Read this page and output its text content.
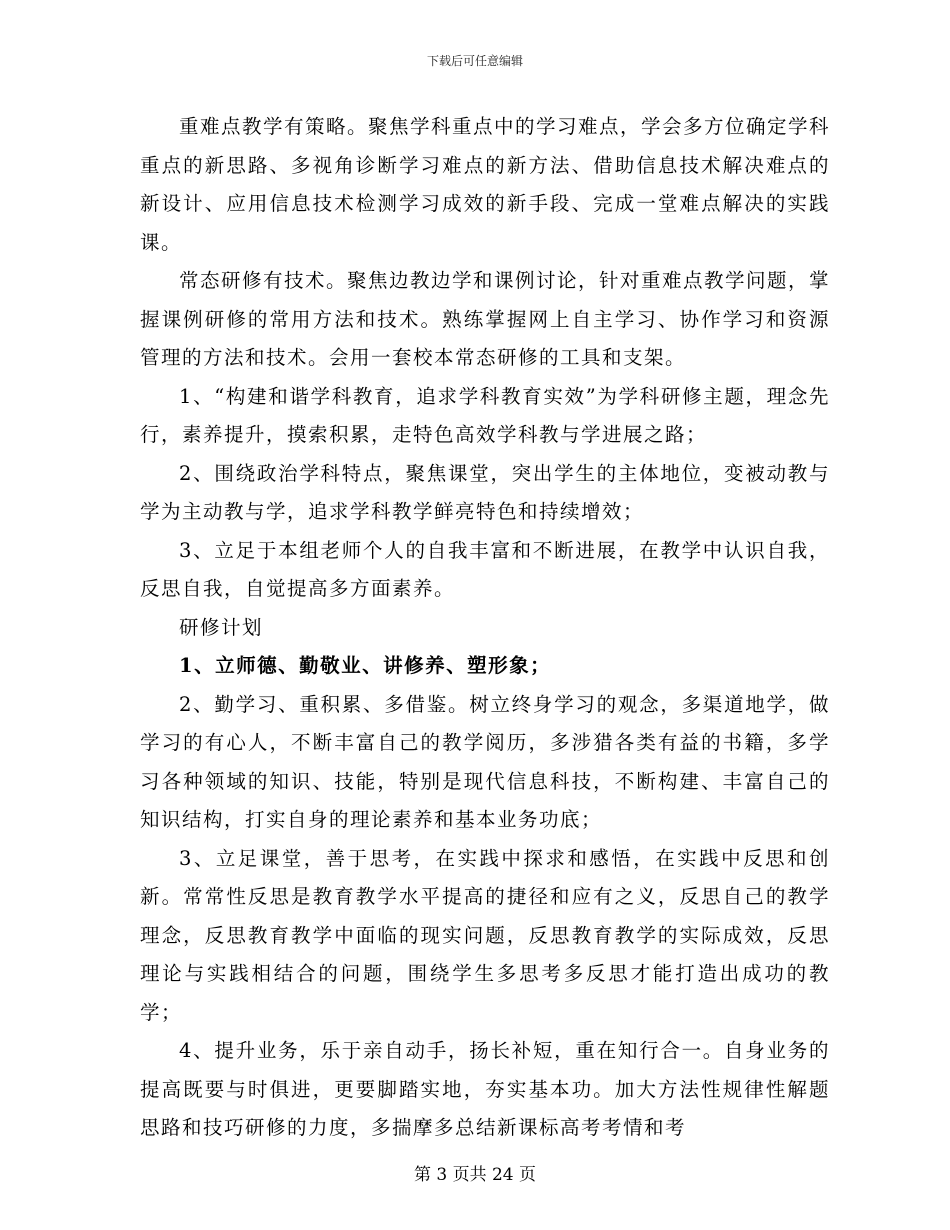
下载后可任意编辑

重难点教学有策略。聚焦学科重点中的学习难点，学会多方位确定学科重点的新思路、多视角诊断学习难点的新方法、借助信息技术解决难点的新设计、应用信息技术检测学习成效的新手段、完成一堂难点解决的实践课。

常态研修有技术。聚焦边教边学和课例讨论，针对重难点教学问题，掌握课例研修的常用方法和技术。熟练掌握网上自主学习、协作学习和资源管理的方法和技术。会用一套校本常态研修的工具和支架。

1、“构建和谐学科教育，追求学科教育实效”为学科研修主题，理念先行，素养提升，摸索积累，走特色高效学科教与学进展之路；

2、围绕政治学科特点，聚焦课堂，突出学生的主体地位，变被动教与学为主动教与学，追求学科教学鲜亮特色和持续增效；

3、立足于本组老师个人的自我丰富和不断进展，在教学中认识自我，反思自我，自觉提高多方面素养。

研修计划

1、立师德、勤敬业、讲修养、塑形象；

2、勤学习、重积累、多借鉴。树立终身学习的观念，多渠道地学，做学习的有心人，不断丰富自己的教学阅历，多涉猎各类有益的书籍，多学习各种领域的知识、技能，特别是现代信息科技，不断构建、丰富自己的知识结构，打实自身的理论素养和基本业务功底；

3、立足课堂，善于思考，在实践中探求和感悟，在实践中反思和创新。常常性反思是教育教学水平提高的捷径和应有之义，反思自己的教学理念，反思教育教学中面临的现实问题，反思教育教学的实际成效，反思理论与实践相结合的问题，围绕学生多思考多反思才能打造出成功的教学；

4、提升业务，乐于亲自动手，扬长补短，重在知行合一。自身业务的提高既要与时俱进，更要脚踏实地，夯实基本功。加大方法性规律性解题思路和技巧研修的力度，多揣摩多总结新课标高考考情和考

第 3 页共 24 页
